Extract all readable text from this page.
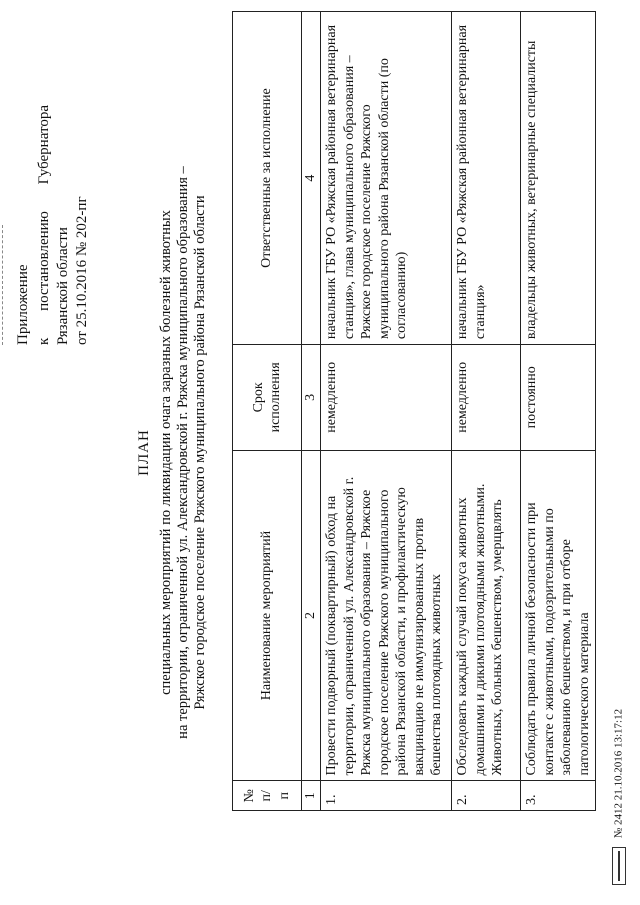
Приложение к
постановлению
Губернатора
Рязанской области от 25.10.2016 № 202-пг
ПЛАН специальных мероприятий по ликвидации очага заразных болезней животных на территории, ограниченной ул. Александровской г. Ряжска муниципального образования – Ряжское городское поселение Ряжского муниципального района Рязанской области
№ п/п	Наименование мероприятий	Срок исполнения	Ответственные за исполнение
1	2	3	4
1.	Провести подворный (поквартирный) обход на территории, ограниченной ул. Александровской г. Ряжска муниципального образования – Ряжское городское поселение Ряжского муниципального района Рязанской области, и профилактическую вакцинацию не иммунизированных против бешенства плотоядных животных	немедленно	начальник ГБУ РО «Ряжская районная ветеринарная станция», глава муниципального образования – Ряжское городское поселение Ряжского муниципального района Рязанской области (по согласованию)
2.	Обследовать каждый случай покуса животных домашними и дикими плотоядными животными. Животных, больных бешенством, умерщвлять	немедленно	начальник ГБУ РО «Ряжская районная ветеринарная станция»
3.	Соблюдать правила личной безопасности при контакте с животными, подозрительными по заболеванию бешенством, и при отборе патологического материала	постоянно	владельцы животных, ветеринарные специалисты
№ 2412 21.10.2016 13:17:12
